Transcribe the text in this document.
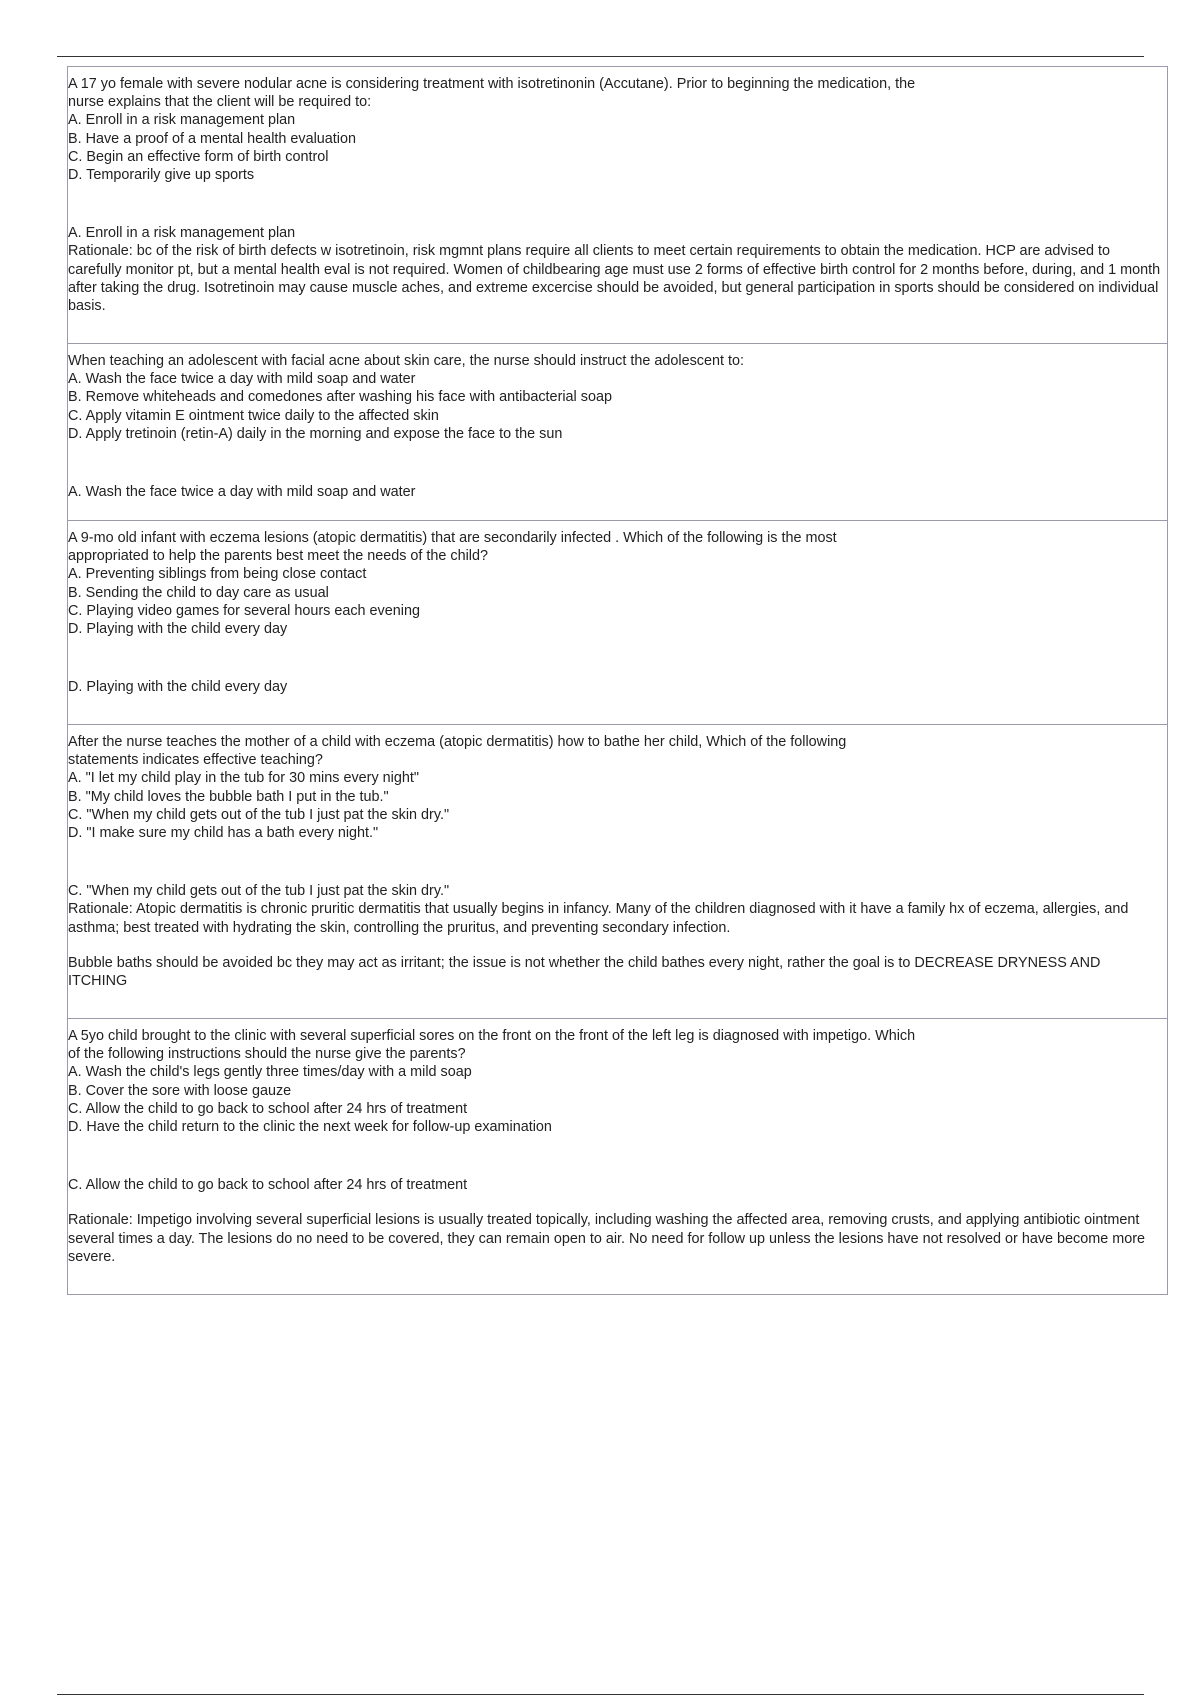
A 17 yo female with severe nodular acne is considering treatment with isotretinonin (Accutane). Prior to beginning the medication, the nurse explains that the client will be required to:

A. Enroll in a risk management plan

B. Have a proof of a mental health evaluation

C. Begin an effective form of birth control

D. Temporarily give up sports

A. Enroll in a risk management plan

Rationale: bc of the risk of birth defects w isotretinoin, risk mgmnt plans require all clients to meet certain requirements to obtain the medication. HCP are advised to carefully monitor pt, but a mental health eval is not required. Women of childbearing age must use 2 forms of effective birth control for 2 months before, during, and 1 month after taking the drug. Isotretinoin may cause muscle aches, and extreme excercise should be avoided, but general participation in sports should be considered on individual basis.

When teaching an adolescent with facial acne about skin care, the nurse should instruct the adolescent to:

A. Wash the face twice a day with mild soap and water

B. Remove whiteheads and comedones after washing his face with antibacterial soap

C. Apply vitamin E ointment twice daily to the affected skin

D. Apply tretinoin (retin-A) daily in the morning and expose the face to the sun

A. Wash the face twice a day with mild soap and water

A 9-mo old infant with eczema lesions (atopic dermatitis) that are secondarily infected . Which of the following is the most appropriated to help the parents best meet the needs of the child?

A. Preventing siblings from being close contact

B. Sending the child to day care as usual

C. Playing video games for several hours each evening

D. Playing with the child every day

D. Playing with the child every day

After the nurse teaches the mother of a child with eczema (atopic dermatitis) how to bathe her child, Which of the following statements indicates effective teaching?

A. "I let my child play in the tub for 30 mins every night"

B. "My child loves the bubble bath I put in the tub."

C. "When my child gets out of the tub I just pat the skin dry."

D. "I make sure my child has a bath every night."

C. "When my child gets out of the tub I just pat the skin dry."

Rationale: Atopic dermatitis is chronic pruritic dermatitis that usually begins in infancy. Many of the children diagnosed with it have a family hx of eczema, allergies, and asthma; best treated with hydrating the skin, controlling the pruritus, and preventing secondary infection.

Bubble baths should be avoided bc they may act as irritant; the issue is not whether the child bathes every night, rather the goal is to DECREASE DRYNESS AND ITCHING

A 5yo child brought to the clinic with several superficial sores on the front on the front of the left leg is diagnosed with impetigo. Which of the following instructions should the nurse give the parents?

A. Wash the child's legs gently three times/day with a mild soap

B. Cover the sore with loose gauze

C. Allow the child to go back to school after 24 hrs of treatment

D. Have the child return to the clinic the next week for follow-up examination

C. Allow the child to go back to school after 24 hrs of treatment

Rationale: Impetigo involving several superficial lesions is usually treated topically, including washing the affected area, removing crusts, and applying antibiotic ointment several times a day. The lesions do no need to be covered, they can remain open to air. No need for follow up unless the lesions have not resolved or have become more severe.
